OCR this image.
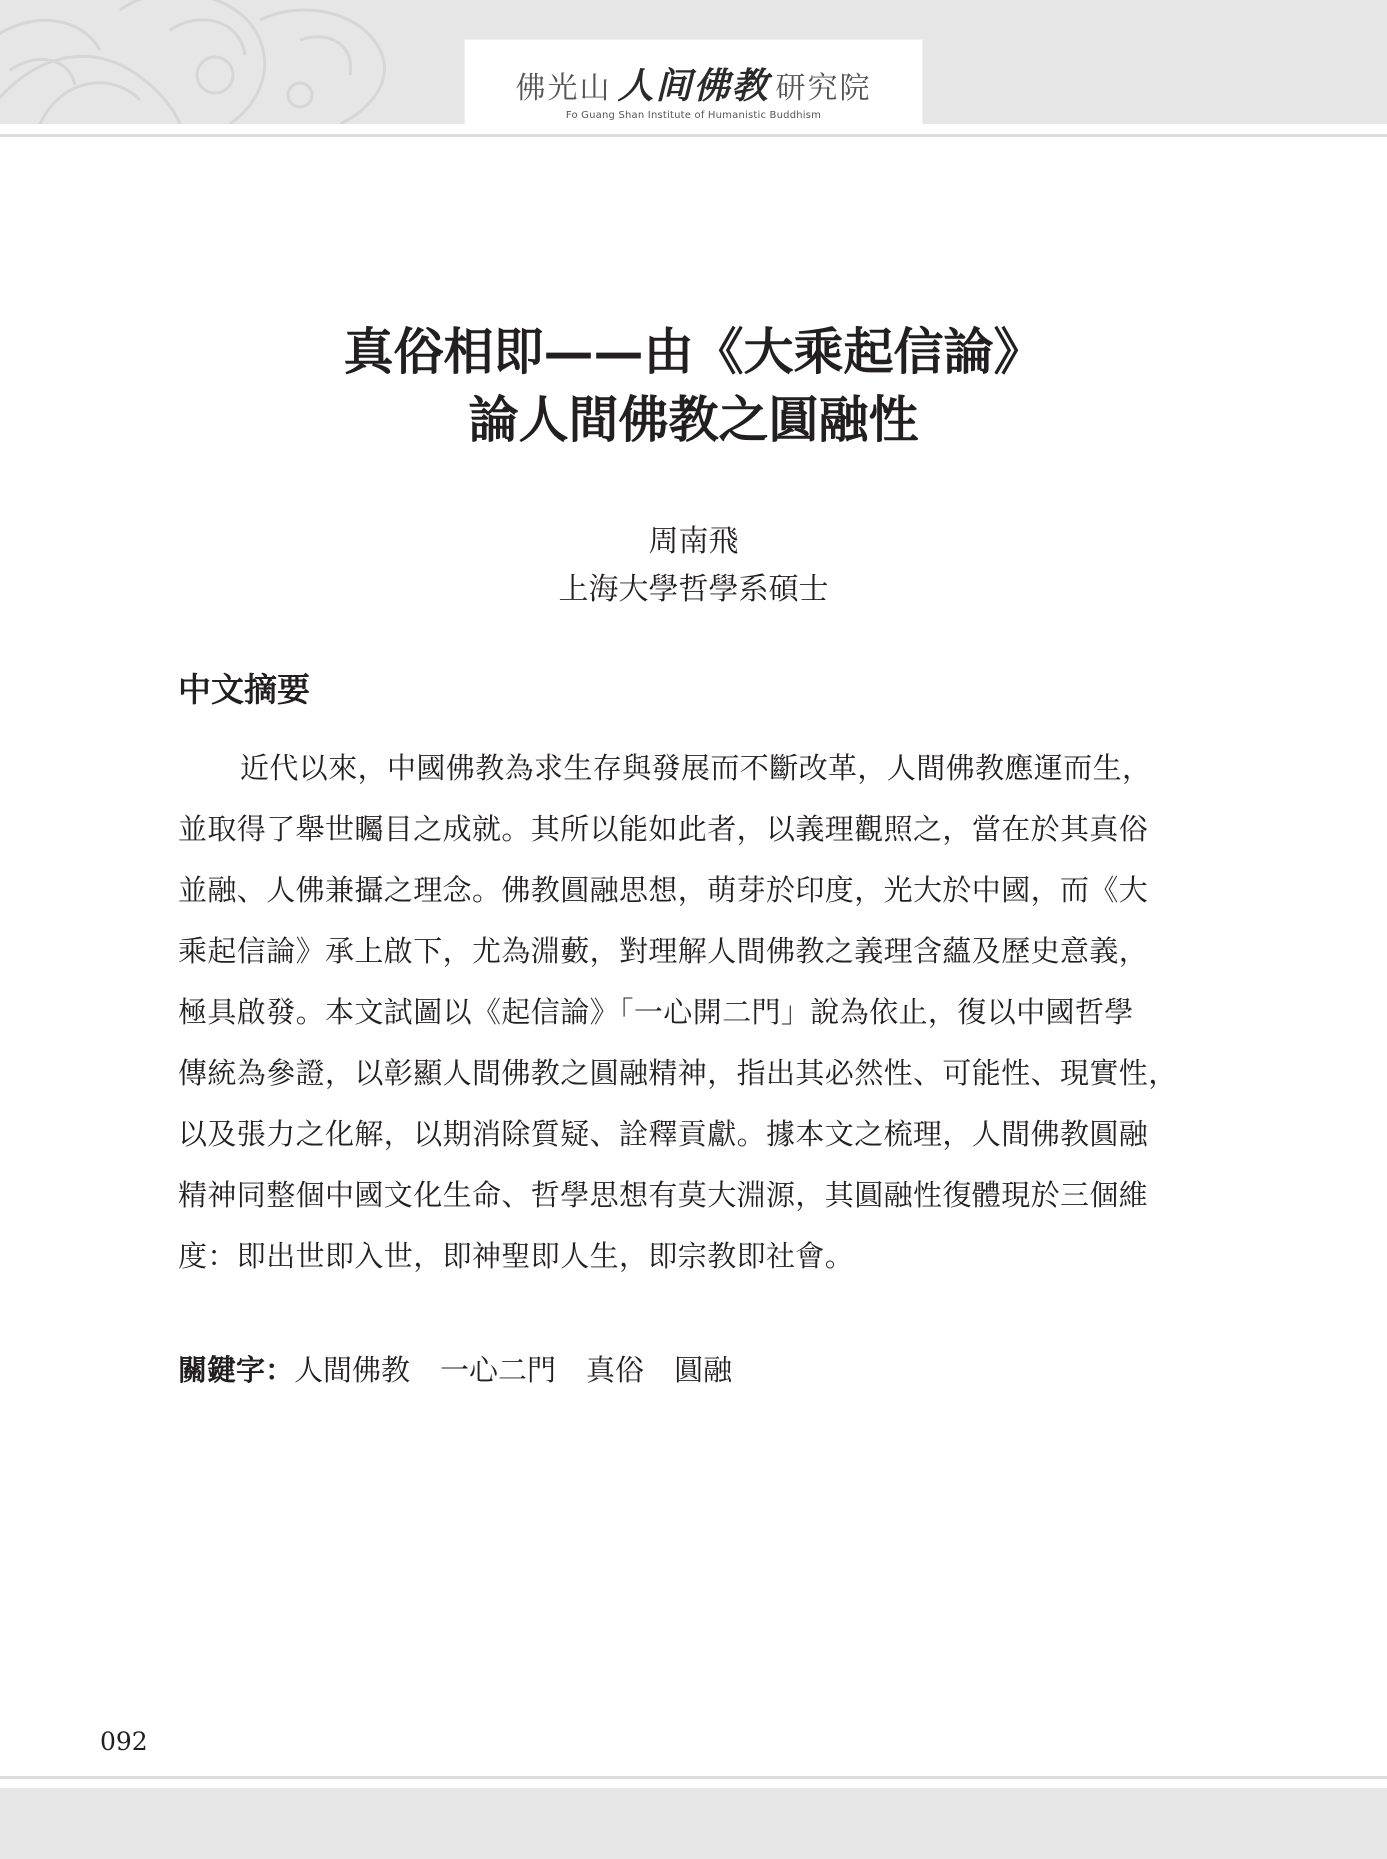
佛光山 人间佛教 研究院
Fo Guang Shan Institute of Humanistic Buddhism
真俗相即——由《大乘起信論》
論人間佛教之圓融性
周南飛
上海大學哲學系碩士
中文摘要
近代以來，中國佛教為求生存與發展而不斷改革，人間佛教應運而生，
並取得了舉世矚目之成就。其所以能如此者，以義理觀照之，當在於其真俗
並融、人佛兼攝之理念。佛教圓融思想，萌芽於印度，光大於中國，而《大
乘起信論》承上啟下，尤為淵藪，對理解人間佛教之義理含蘊及歷史意義，
極具啟發。本文試圖以《起信論》「一心開二門」說為依止，復以中國哲學
傳統為參證，以彰顯人間佛教之圓融精神，指出其必然性、可能性、現實性，
以及張力之化解，以期消除質疑、詮釋貢獻。據本文之梳理，人間佛教圓融
精神同整個中國文化生命、哲學思想有莫大淵源，其圓融性復體現於三個維
度：即出世即入世，即神聖即人生，即宗教即社會。
關鍵字：人間佛教 一心二門 真俗 圓融
092
